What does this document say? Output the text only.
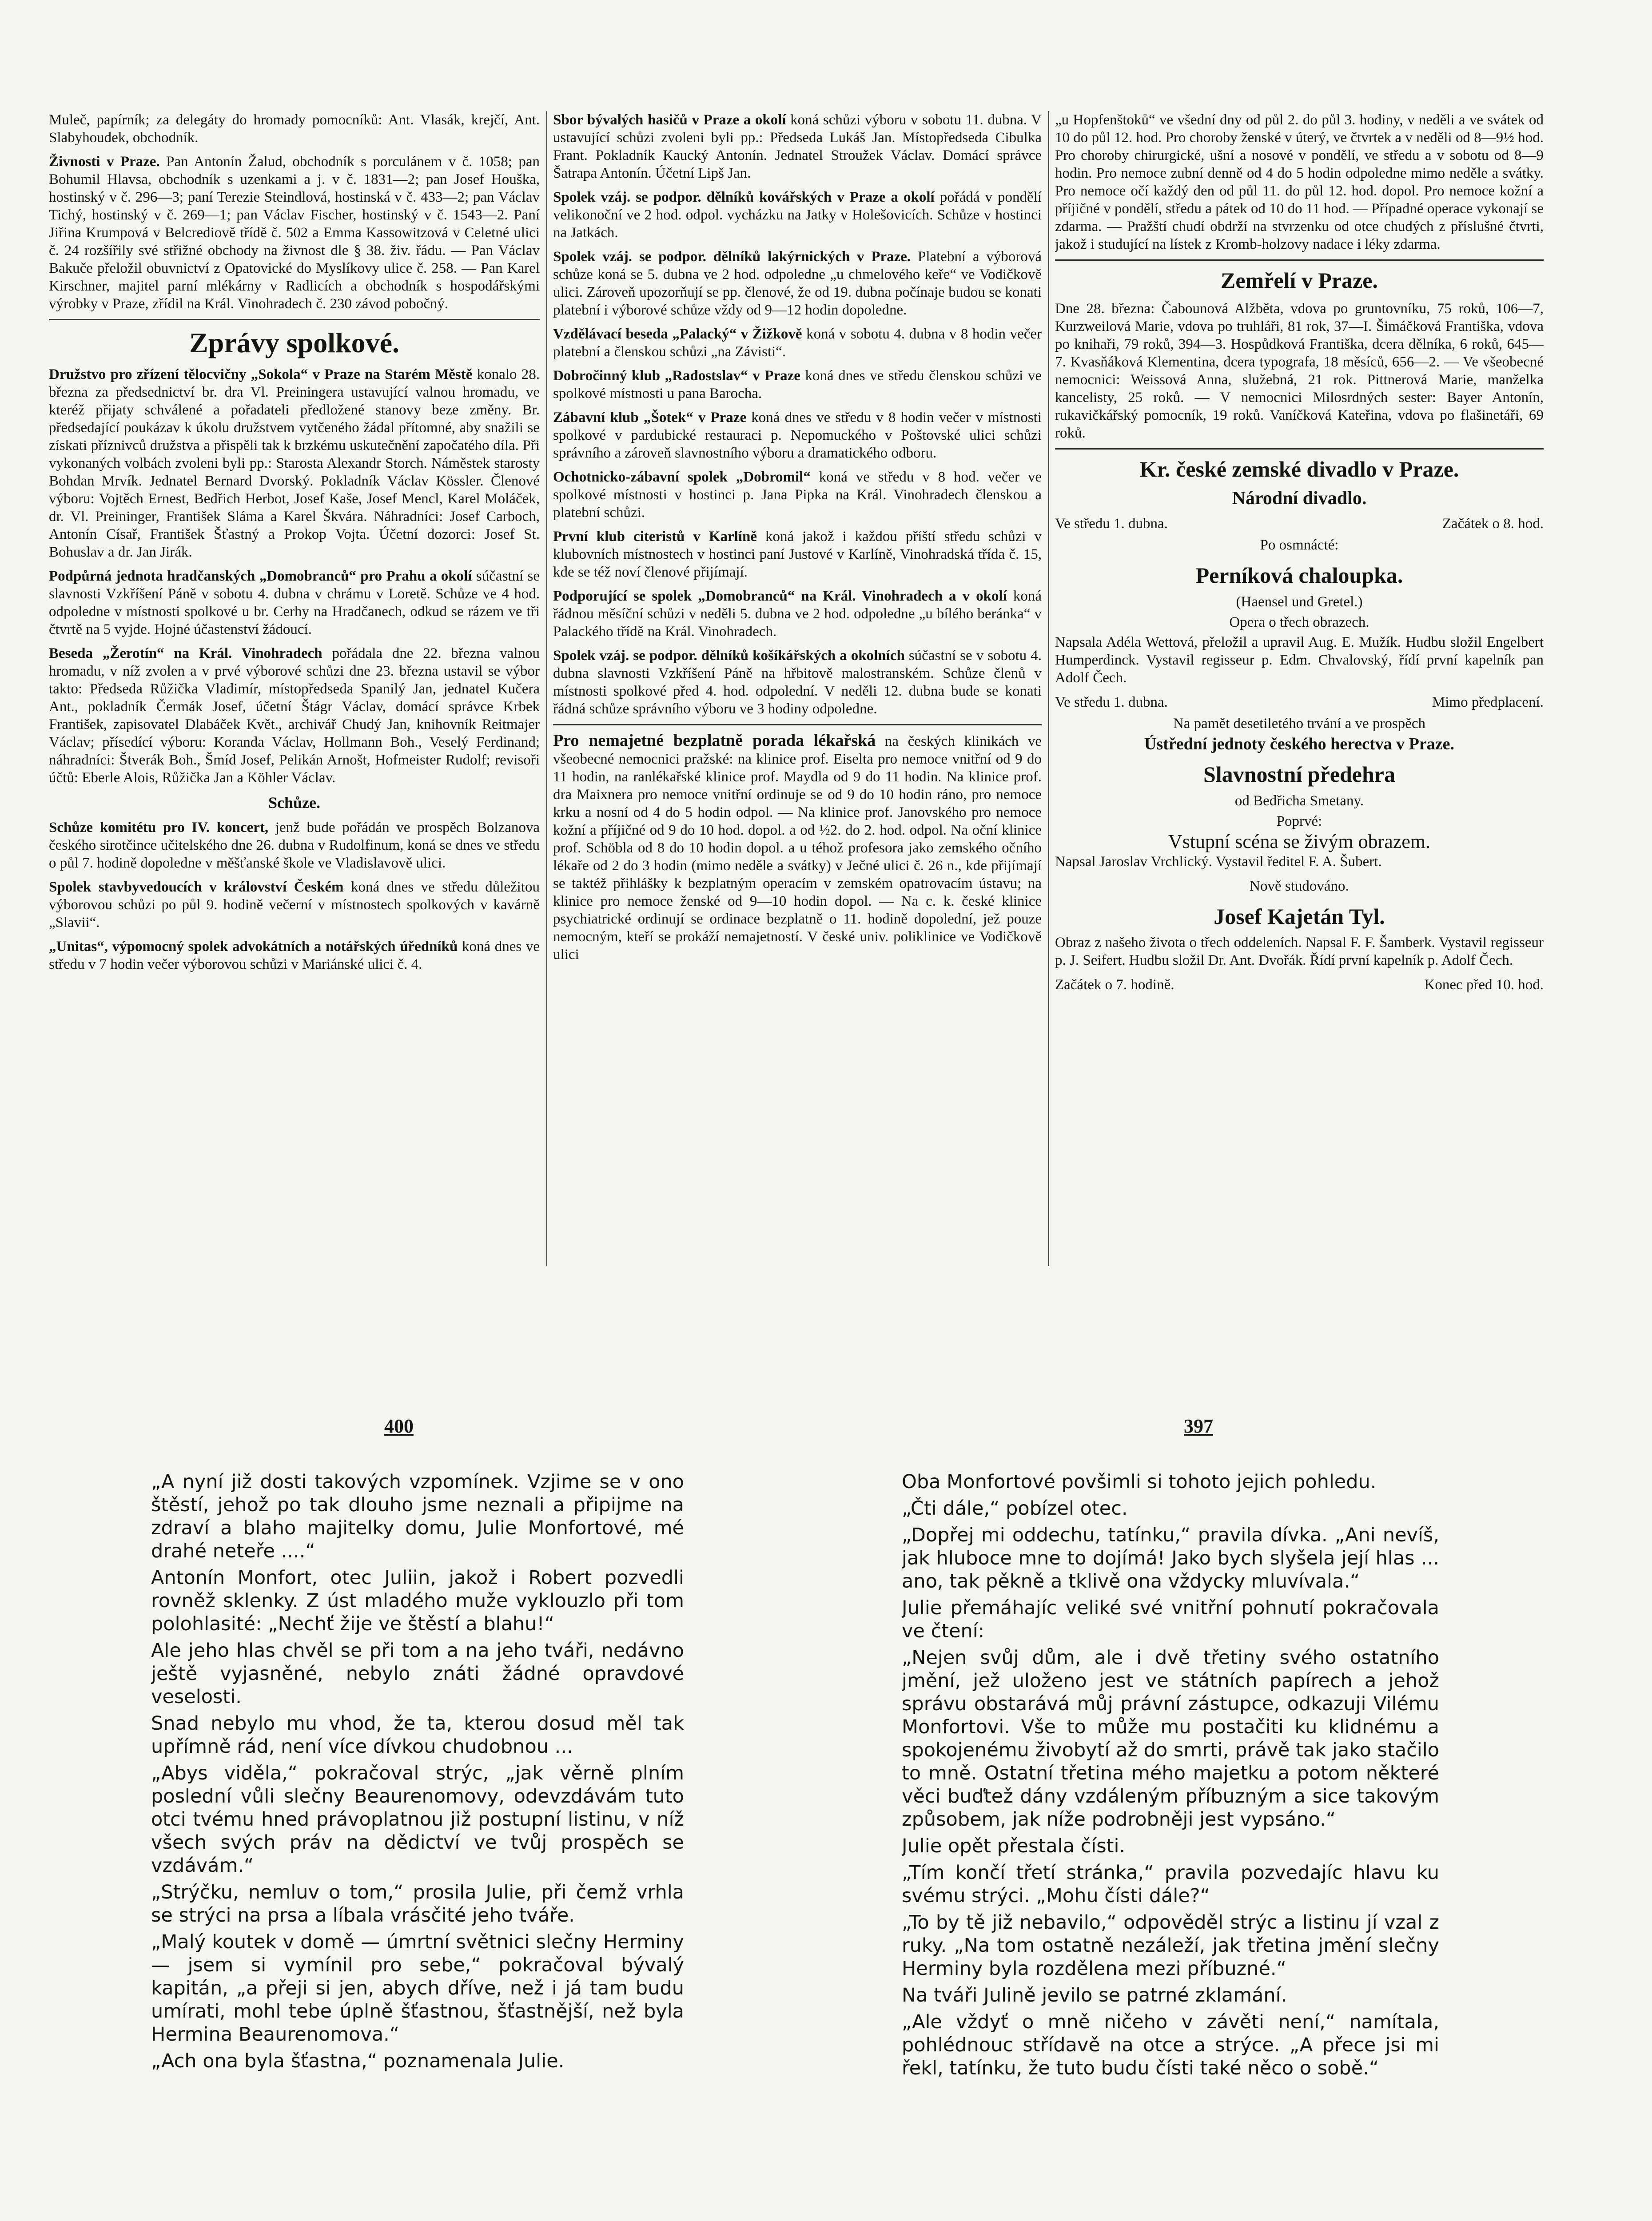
Muleč, papírník; za delegáty do hromady pomocníků: Ant. Vlasák, krejčí, Ant. Slabyhoudek, obchodník.

Živnosti v Praze. Pan Antonín Žalud, obchodník s porculánem v č. 1058; pan Bohumil Hlavsa, obchodník s uzenkami a j. v č. 1831—2; pan Josef Houška, hostinský v č. 296—3; paní Terezie Steindlová, hostinská v č. 433—2; pan Václav Tichý, hostinský v č. 269—1; pan Václav Fischer, hostinský v č. 1543—2. Paní Jiřina Krumpová v Belcrediově třídě č. 502 a Emma Kassowitzová v Celetné ulici č. 24 rozšířily své střižné obchody na živnost dle § 38. živ. řádu. — Pan Václav Bakuče přeložil obuvnictví z Opatovické do Myslíkovy ulice č. 258. — Pan Karel Kirschner, majitel parní mlékárny v Radlicích a obchodník s hospodářskými výrobky v Praze, zřídil na Král. Vinohradech č. 230 závod pobočný.

Zprávy spolkové.

Družstvo pro zřízení tělocvičny „Sokola“ v Praze na Starém Městě konalo 28. března za předsednictví br. dra Vl. Preiningera ustavující valnou hromadu, ve kteréž přijaty schválené a pořadateli předložené stanovy beze změny. Br. předsedající poukázav k úkolu družstvem vytčeného žádal přítomné, aby snažili se získati příznivců družstva a přispěli tak k brzkému uskutečnění započatého díla. Při vykonaných volbách zvoleni byli pp.: Starosta Alexandr Storch. Náměstek starosty Bohdan Mrvík. Jednatel Bernard Dvorský. Pokladník Václav Kössler. Členové výboru: Vojtěch Ernest, Bedřich Herbot, Josef Kaše, Josef Mencl, Karel Moláček, dr. Vl. Preininger, František Sláma a Karel Škvára. Náhradníci: Josef Carboch, Antonín Císař, František Šťastný a Prokop Vojta. Účetní dozorci: Josef St. Bohuslav a dr. Jan Jirák.

Podpůrná jednota hradčanských „Domobranců“ pro Prahu a okolí súčastní se slavnosti Vzkříšení Páně v sobotu 4. dubna v chrámu v Loretě. Schůze ve 4 hod. odpoledne v místnosti spolkové u br. Cerhy na Hradčanech, odkud se rázem ve tři čtvrtě na 5 vyjde. Hojné účastenství žádoucí.

Beseda „Žerotín“ na Král. Vinohradech pořádala dne 22. března valnou hromadu, v níž zvolen a v prvé výborové schůzi dne 23. března ustavil se výbor takto: Předseda Růžička Vladimír, místopředseda Spanilý Jan, jednatel Kučera Ant., pokladník Čermák Josef, účetní Štágr Václav, domácí správce Krbek František, zapisovatel Dlabáček Květ., archivář Chudý Jan, knihovník Reitmajer Václav; přísedící výboru: Koranda Václav, Hollmann Boh., Veselý Ferdinand; náhradníci: Štverák Boh., Šmíd Josef, Pelikán Arnošt, Hofmeister Rudolf; revisoři účtů: Eberle Alois, Růžička Jan a Köhler Václav.

Schůze.

Schůze komitétu pro IV. koncert, jenž bude pořádán ve prospěch Bolzanova českého sirotčince učitelského dne 26. dubna v Rudolfinum, koná se dnes ve středu o půl 7. hodině dopoledne v měšťanské škole ve Vladislavově ulici.

Spolek stavbyvedoucích v království Českém koná dnes ve středu důležitou výborovou schůzi po půl 9. hodině večerní v místnostech spolkových v kavárně „Slavii“.

„Unitas“, výpomocný spolek advokátních a notářských úředníků koná dnes ve středu v 7 hodin večer výborovou schůzi v Mariánské ulici č. 4.

Sbor bývalých hasičů v Praze a okolí koná schůzi výboru v sobotu 11. dubna. V ustavující schůzi zvoleni byli pp.: Předseda Lukáš Jan. Místopředseda Cibulka Frant. Pokladník Kaucký Antonín. Jednatel Stroužek Václav. Domácí správce Šatrapa Antonín. Účetní Lipš Jan.

Spolek vzáj. se podpor. dělníků kovářských v Praze a okolí pořádá v pondělí velikonoční ve 2 hod. odpol. vycházku na Jatky v Holešovicích. Schůze v hostinci na Jatkách.

Spolek vzáj. se podpor. dělníků lakýrnických v Praze. Platební a výborová schůze koná se 5. dubna ve 2 hod. odpoledne „u chmelového keře“ ve Vodičkově ulici. Zároveň upozorňují se pp. členové, že od 19. dubna počínaje budou se konati platební i výborové schůze vždy od 9—12 hodin dopoledne.

Vzdělávací beseda „Palacký“ v Žižkově koná v sobotu 4. dubna v 8 hodin večer platební a členskou schůzi „na Závisti“.

Dobročinný klub „Radostslav“ v Praze koná dnes ve středu členskou schůzi ve spolkové místnosti u pana Barocha.

Zábavní klub „Šotek“ v Praze koná dnes ve středu v 8 hodin večer v místnosti spolkové v pardubické restauraci p. Nepomuckého v Poštovské ulici schůzi správního a zároveň slavnostního výboru a dramatického odboru.

Ochotnicko-zábavní spolek „Dobromil“ koná ve středu v 8 hod. večer ve spolkové místnosti v hostinci p. Jana Pipka na Král. Vinohradech členskou a platební schůzi.

První klub citeristů v Karlíně koná jakož i každou příští středu schůzi v klubovních místnostech v hostinci paní Justové v Karlíně, Vinohradská třída č. 15, kde se též noví členové přijímají.

Podporující se spolek „Domobranců“ na Král. Vinohradech a v okolí koná řádnou měsíční schůzi v neděli 5. dubna ve 2 hod. odpoledne „u bílého beránka“ v Palackého třídě na Král. Vinohradech.

Spolek vzáj. se podpor. dělníků košíkářských a okolních súčastní se v sobotu 4. dubna slavnosti Vzkříšení Páně na hřbitově malostranském. Schůze členů v místnosti spolkové před 4. hod. odpolední. V neděli 12. dubna bude se konati řádná schůze správního výboru ve 3 hodiny odpoledne.

Pro nemajetné bezplatně porada lékařská na českých klinikách ve všeobecné nemocnici pražské: na klinice prof. Eiselta pro nemoce vnitřní od 9 do 11 hodin, na ranlékařské klinice prof. Maydla od 9 do 11 hodin. Na klinice prof. dra Maixnera pro nemoce vnitřní ordinuje se od 9 do 10 hodin ráno, pro nemoce krku a nosní od 4 do 5 hodin odpol. — Na klinice prof. Janovského pro nemoce kožní a příjičné od 9 do 10 hod. dopol. a od ½2. do 2. hod. odpol. Na oční klinice prof. Schöbla od 8 do 10 hodin dopol. a u téhož profesora jako zemského očního lékaře od 2 do 3 hodin (mimo neděle a svátky) v Ječné ulici č. 26 n., kde přijímají se taktéž přihlášky k bezplatným operacím v zemském opatrovacím ústavu; na klinice pro nemoce ženské od 9—10 hodin dopol. — Na c. k. české klinice psychiatrické ordinují se ordinace bezplatně o 11. hodině dopolední, jež pouze nemocným, kteří se prokáží nemajetností. V české univ. poliklinice ve Vodičkově ulici

„u Hopfenštoků“ ve všední dny od půl 2. do půl 3. hodiny, v neděli a ve svátek od 10 do půl 12. hod. Pro choroby ženské v úterý, ve čtvrtek a v neděli od 8—9½ hod. Pro choroby chirurgické, ušní a nosové v pondělí, ve středu a v sobotu od 8—9 hodin. Pro nemoce zubní denně od 4 do 5 hodin odpoledne mimo neděle a svátky. Pro nemoce očí každý den od půl 11. do půl 12. hod. dopol. Pro nemoce kožní a příjičné v pondělí, středu a pátek od 10 do 11 hod. — Případné operace vykonají se zdarma. — Pražští chudí obdrží na stvrzenku od otce chudých z příslušné čtvrti, jakož i studující na lístek z Kromb-holzovy nadace i léky zdarma.

Zemřelí v Praze.

Dne 28. března: Čabounová Alžběta, vdova po gruntovníku, 75 roků, 106—7, Kurzweilová Marie, vdova po truhláři, 81 rok, 37—I. Šimáčková Františka, vdova po knihaři, 79 roků, 394—3. Hospůdková Františka, dcera dělníka, 6 roků, 645—7. Kvasňáková Klementina, dcera typografa, 18 měsíců, 656—2. — Ve všeobecné nemocnici: Weissová Anna, služebná, 21 rok. Pittnerová Marie, manželka kancelisty, 25 roků. — V nemocnici Milosrdných sester: Bayer Antonín, rukavičkářský pomocník, 19 roků. Vaníčková Kateřina, vdova po flašinetáři, 69 roků.

Kr. české zemské divadlo v Praze.
Národní divadlo.
Ve středu 1. dubna.	Začátek o 8. hod.
Po osmnácté:
Perníková chaloupka.
(Haensel und Gretel.)
Opera o třech obrazech.

Napsala Adéla Wettová, přeložil a upravil Aug. E. Mužík. Hudbu složil Engelbert Humperdinck. Vystavil regisseur p. Edm. Chvalovský, řídí první kapelník pan Adolf Čech.

Ve středu 1. dubna.	Mimo předplacení.
Na pamět desetiletého trvání a ve prospěch
Ústřední jednoty českého herectva v Praze.
Slavnostní předehra
od Bedřicha Smetany.
Poprvé:
Vstupní scéna se živým obrazem.

Napsal Jaroslav Vrchlický. Vystavil ředitel F. A. Šubert.

Nově studováno.
Josef Kajetán Tyl.

Obraz z našeho života o třech oddeleních. Napsal F. F. Šamberk. Vystavil regisseur p. J. Seifert. Hudbu složil Dr. Ant. Dvořák. Řídí první kapelník p. Adolf Čech.

Začátek o 7. hodině.	Konec před 10. hod.
400	397

„A nyní již dosti takových vzpomínek. Vzjime se v ono štěstí, jehož po tak dlouho jsme neznali a připijme na zdraví a blaho majitelky domu, Julie Monfortové, mé drahé neteře ....“

Antonín Monfort, otec Juliin, jakož i Robert pozvedli rovněž sklenky. Z úst mladého muže vyklouzlo při tom polohlasité: „Nechť žije ve štěstí a blahu!“

Ale jeho hlas chvěl se při tom a na jeho tváři, nedávno ještě vyjasněné, nebylo znáti žádné opravdové veselosti.

Snad nebylo mu vhod, že ta, kterou dosud měl tak upřímně rád, není více dívkou chudobnou ...

„Abys viděla,“ pokračoval strýc, „jak věrně plním poslední vůli slečny Beaurenomovy, odevzdávám tuto otci tvému hned právoplatnou již postupní listinu, v níž všech svých práv na dědictví ve tvůj prospěch se vzdávám.“

„Strýčku, nemluv o tom,“ prosila Julie, při čemž vrhla se strýci na prsa a líbala vrásčité jeho tváře.

„Malý koutek v domě — úmrtní světnici slečny Herminy — jsem si vymínil pro sebe,“ pokračoval bývalý kapitán, „a přeji si jen, abych dříve, než i já tam budu umírati, mohl tebe úplně šťastnou, šťastnější, než byla Hermina Beaurenomova.“

„Ach ona byla šťastna,“ poznamenala Julie.

Oba Monfortové povšimli si tohoto jejich pohledu.

„Čti dále,“ pobízel otec.

„Dopřej mi oddechu, tatínku,“ pravila dívka. „Ani nevíš, jak hluboce mne to dojímá! Jako bych slyšela její hlas ... ano, tak pěkně a tklivě ona vždycky mluvívala.“

Julie přemáhajíc veliké své vnitřní pohnutí pokračovala ve čtení:

„Nejen svůj dům, ale i dvě třetiny svého ostatního jmění, jež uloženo jest ve státních papírech a jehož správu obstarává můj právní zástupce, odkazuji Vilému Monfortovi. Vše to může mu postačiti ku klidnému a spokojenému živobytí až do smrti, právě tak jako stačilo to mně. Ostatní třetina mého majetku a potom některé věci buďtež dány vzdáleným příbuzným a sice takovým způsobem, jak níže podrobněji jest vypsáno.“

Julie opět přestala čísti.

„Tím končí třetí stránka,“ pravila pozvedajíc hlavu ku svému strýci. „Mohu čísti dále?“

„To by tě již nebavilo,“ odpověděl strýc a listinu jí vzal z ruky. „Na tom ostatně nezáleží, jak třetina jmění slečny Herminy byla rozdělena mezi příbuzné.“

Na tváři Julině jevilo se patrné zklamání.

„Ale vždyť o mně ničeho v závěti není,“ namítala, pohlédnouc střídavě na otce a strýce. „A přece jsi mi řekl, tatínku, že tuto budu čísti také něco o sobě.“
